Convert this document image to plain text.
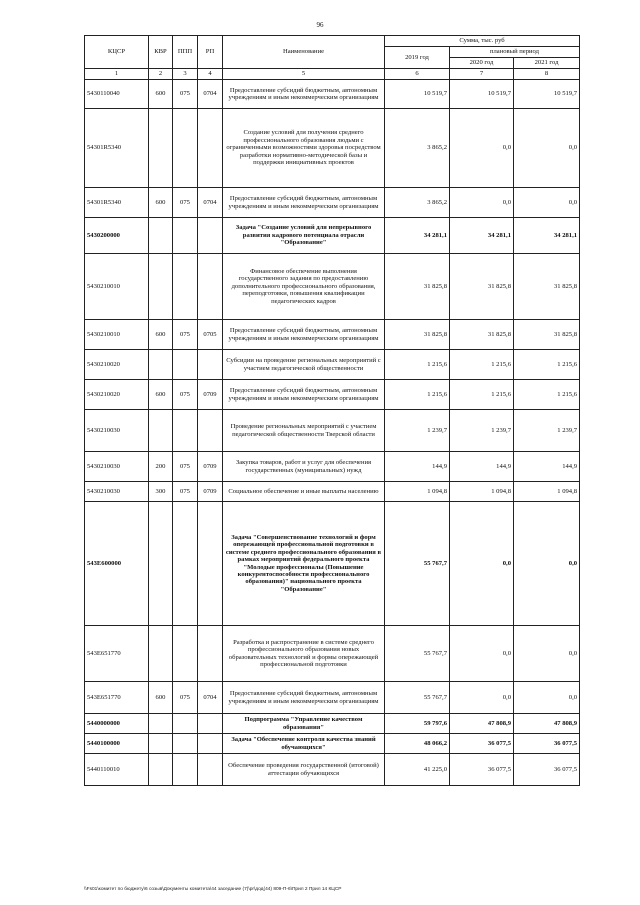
96
КЦСР	КВР	ППП	РП	Наименование	Сумма, тыс. руб		
					2019 год	плановый период	
						2020 год	2021 год
1	2	3	4	5	6	7	8
5430110040	600	075	0704	Предоставление субсидий бюджетным, автономным учреждениям и иным некоммерческим организациям	10 519,7	10 519,7	10 519,7
54301R5340				Создание условий для получения среднего профессионального образования людьми с ограниченными возможностями здоровья посредством разработки нормативно-методической базы и поддержки инициативных проектов	3 865,2	0,0	0,0
54301R5340	600	075	0704	Предоставление субсидий бюджетным, автономным учреждениям и иным некоммерческим организациям	3 865,2	0,0	0,0
5430200000				Задача "Создание условий для непрерывного развития кадрового потенциала отрасли "Образование"	34 281,1	34 281,1	34 281,1
5430210010				Финансовое обеспечение выполнения государственного задания по предоставлению дополнительного профессионального образования, переподготовки, повышения квалификации педагогических кадров	31 825,8	31 825,8	31 825,8
5430210010	600	075	0705	Предоставление субсидий бюджетным, автономным учреждениям и иным некоммерческим организациям	31 825,8	31 825,8	31 825,8
5430210020				Субсидии на проведение региональных мероприятий с участием педагогической общественности	1 215,6	1 215,6	1 215,6
5430210020	600	075	0709	Предоставление субсидий бюджетным, автономным учреждениям и иным некоммерческим организациям	1 215,6	1 215,6	1 215,6
5430210030				Проведение региональных мероприятий с участием педагогической общественности Тверской области	1 239,7	1 239,7	1 239,7
5430210030	200	075	0709	Закупка товаров, работ и услуг для обеспечения государственных (муниципальных) нужд	144,9	144,9	144,9
5430210030	300	075	0709	Социальное обеспечение и иные выплаты населению	1 094,8	1 094,8	1 094,8
543E600000				Задача "Совершенствование технологий и форм опережающей профессиональной подготовки в системе среднего профессионального образования в рамках мероприятий федерального проекта "Молодые профессионалы (Повышение конкурентоспособности профессионального образования)" национального проекта "Образование"	55 767,7	0,0	0,0
543E651770				Разработка и распространение в системе среднего профессионального образования новых образовательных технологий и формы опережающей профессиональной подготовки	55 767,7	0,0	0,0
543E651770	600	075	0704	Предоставление субсидий бюджетным, автономным учреждениям и иным некоммерческим организациям	55 767,7	0,0	0,0
5440000000				Подпрограмма "Управление качеством образования"	59 797,6	47 808,9	47 808,9
5440100000				Задача "Обеспечение контроля качества знаний обучающихся"	48 066,2	36 077,5	36 077,5
5440110010				Обеспечение проведения государственной (итоговой) аттестации обучающихся	41 225,0	36 077,5	36 077,5
\\Fs01\комитет по бюджету\6 созыв\Документы комитета\44 заседание (7)\pr\дод(44) 809-П-6\Прил 2 Прил 14 КЦСР
